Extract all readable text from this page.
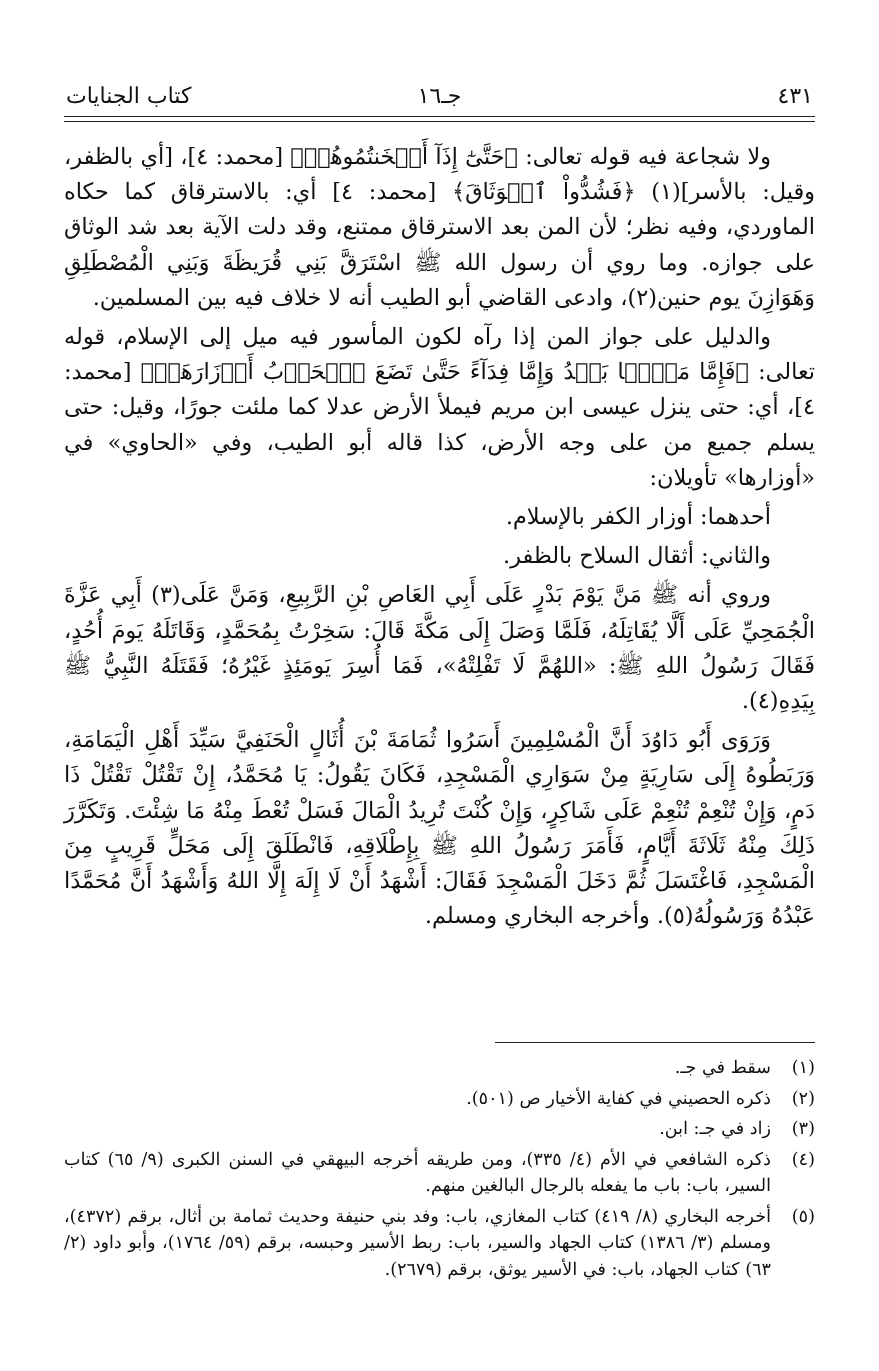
٤٣١
جـ١٦
كتاب الجنايات

ولا شجاعة فيه قوله تعالى: ﴿حَتَّىٰٓ إِذَآ أَثۡخَنتُمُوهُمۡ﴾ [محمد: ٤]، [أي بالظفر، وقيل: بالأسر](١) ﴿فَشُدُّواْ ٱلۡوَثَاقَ﴾ [محمد: ٤] أي: بالاسترقاق كما حكاه الماوردي، وفيه نظر؛ لأن المن بعد الاسترقاق ممتنع، وقد دلت الآية بعد شد الوثاق على جوازه. وما روي أن رسول الله ﷺ اسْتَرَقَّ بَنِي قُرَيظَةَ وَبَنِي الْمُصْطَلِقِ وَهَوَازِنَ يوم حنين(٢)، وادعى القاضي أبو الطيب أنه لا خلاف فيه بين المسلمين.

والدليل على جواز المن إذا رآه لكون المأسور فيه ميل إلى الإسلام، قوله تعالى: ﴿فَإِمَّا مَنَّۢا بَعۡدُ وَإِمَّا فِدَآءً حَتَّىٰ تَضَعَ ٱلۡحَرۡبُ أَوۡزَارَهَاۚ﴾ [محمد: ٤]، أي: حتى ينزل عيسى ابن مريم فيملأ الأرض عدلا كما ملئت جورًا، وقيل: حتى يسلم جميع من على وجه الأرض، كذا قاله أبو الطيب، وفي «الحاوي» في «أوزارها» تأويلان:

أحدهما: أوزار الكفر بالإسلام.

والثاني: أثقال السلاح بالظفر.

وروي أنه ﷺ مَنَّ يَوْمَ بَدْرٍ عَلَى أَبِي العَاصِ بْنِ الرَّبِيعِ، وَمَنَّ عَلَى(٣) أَبِي عَزَّةَ الْجُمَحِيِّ عَلَى أَلَّا يُقَاتِلَهُ، فَلَمَّا وَصَلَ إِلَى مَكَّةَ قَالَ: سَخِرْتُ بِمُحَمَّدٍ، وَقَاتَلَهُ يَومَ أُحُدٍ، فَقَالَ رَسُولُ اللهِ ﷺ: «اللهُمَّ لَا تَفْلِتْهُ»، فَمَا أُسِرَ يَومَئِذٍ غَيْرُهُ؛ فَقَتَلَهُ النَّبِيُّ ﷺ بِيَدِهِ(٤).

وَرَوَى أَبُو دَاوُدَ أَنَّ الْمُسْلِمِينَ أَسَرُوا ثُمَامَةَ بْنَ أُثَالٍ الْحَنَفِيَّ سَيِّدَ أَهْلِ الْيَمَامَةِ، وَرَبَطُوهُ إِلَى سَارِيَةٍ مِنْ سَوَارِي الْمَسْجِدِ، فَكَانَ يَقُولُ: يَا مُحَمَّدُ، إِنْ تَقْتُلْ تَقْتُلْ ذَا دَمٍ، وَإِنْ تُنْعِمْ تُنْعِمْ عَلَى شَاكِرٍ، وَإِنْ كُنْتَ تُرِيدُ الْمَالَ فَسَلْ تُعْطَ مِنْهُ مَا شِئْتَ. وَتَكَرَّرَ ذَلِكَ مِنْهُ ثَلَاثَةَ أَيَّامٍ، فَأَمَرَ رَسُولُ اللهِ ﷺ بِإِطْلَاقِهِ، فَانْطَلَقَ إِلَى مَحَلٍّ قَرِيبٍ مِنَ الْمَسْجِدِ، فَاغْتَسَلَ ثُمَّ دَخَلَ الْمَسْجِدَ فَقَالَ: أَشْهَدُ أَنْ لَا إِلَهَ إِلَّا اللهُ وَأَشْهَدُ أَنَّ مُحَمَّدًا عَبْدُهُ وَرَسُولُهُ(٥). وأخرجه البخاري ومسلم.

(١)
سقط في جـ.
(٢)
ذكره الحصيني في كفاية الأخيار ص (٥٠١).
(٣)
زاد في جـ: ابن.
(٤)
ذكره الشافعي في الأم (٤/ ٣٣٥)، ومن طريقه أخرجه البيهقي في السنن الكبرى (٩/ ٦٥) كتاب السير، باب: باب ما يفعله بالرجال البالغين منهم.
(٥)
أخرجه البخاري (٨/ ٤١٩) كتاب المغازي، باب: وفد بني حنيفة وحديث ثمامة بن أثال، برقم (٤٣٧٢)، ومسلم (٣/ ١٣٨٦) كتاب الجهاد والسير، باب: ربط الأسير وحبسه، برقم (٥٩/ ١٧٦٤)، وأبو داود (٢/ ٦٣) كتاب الجهاد، باب: في الأسير يوثق، برقم (٢٦٧٩).
